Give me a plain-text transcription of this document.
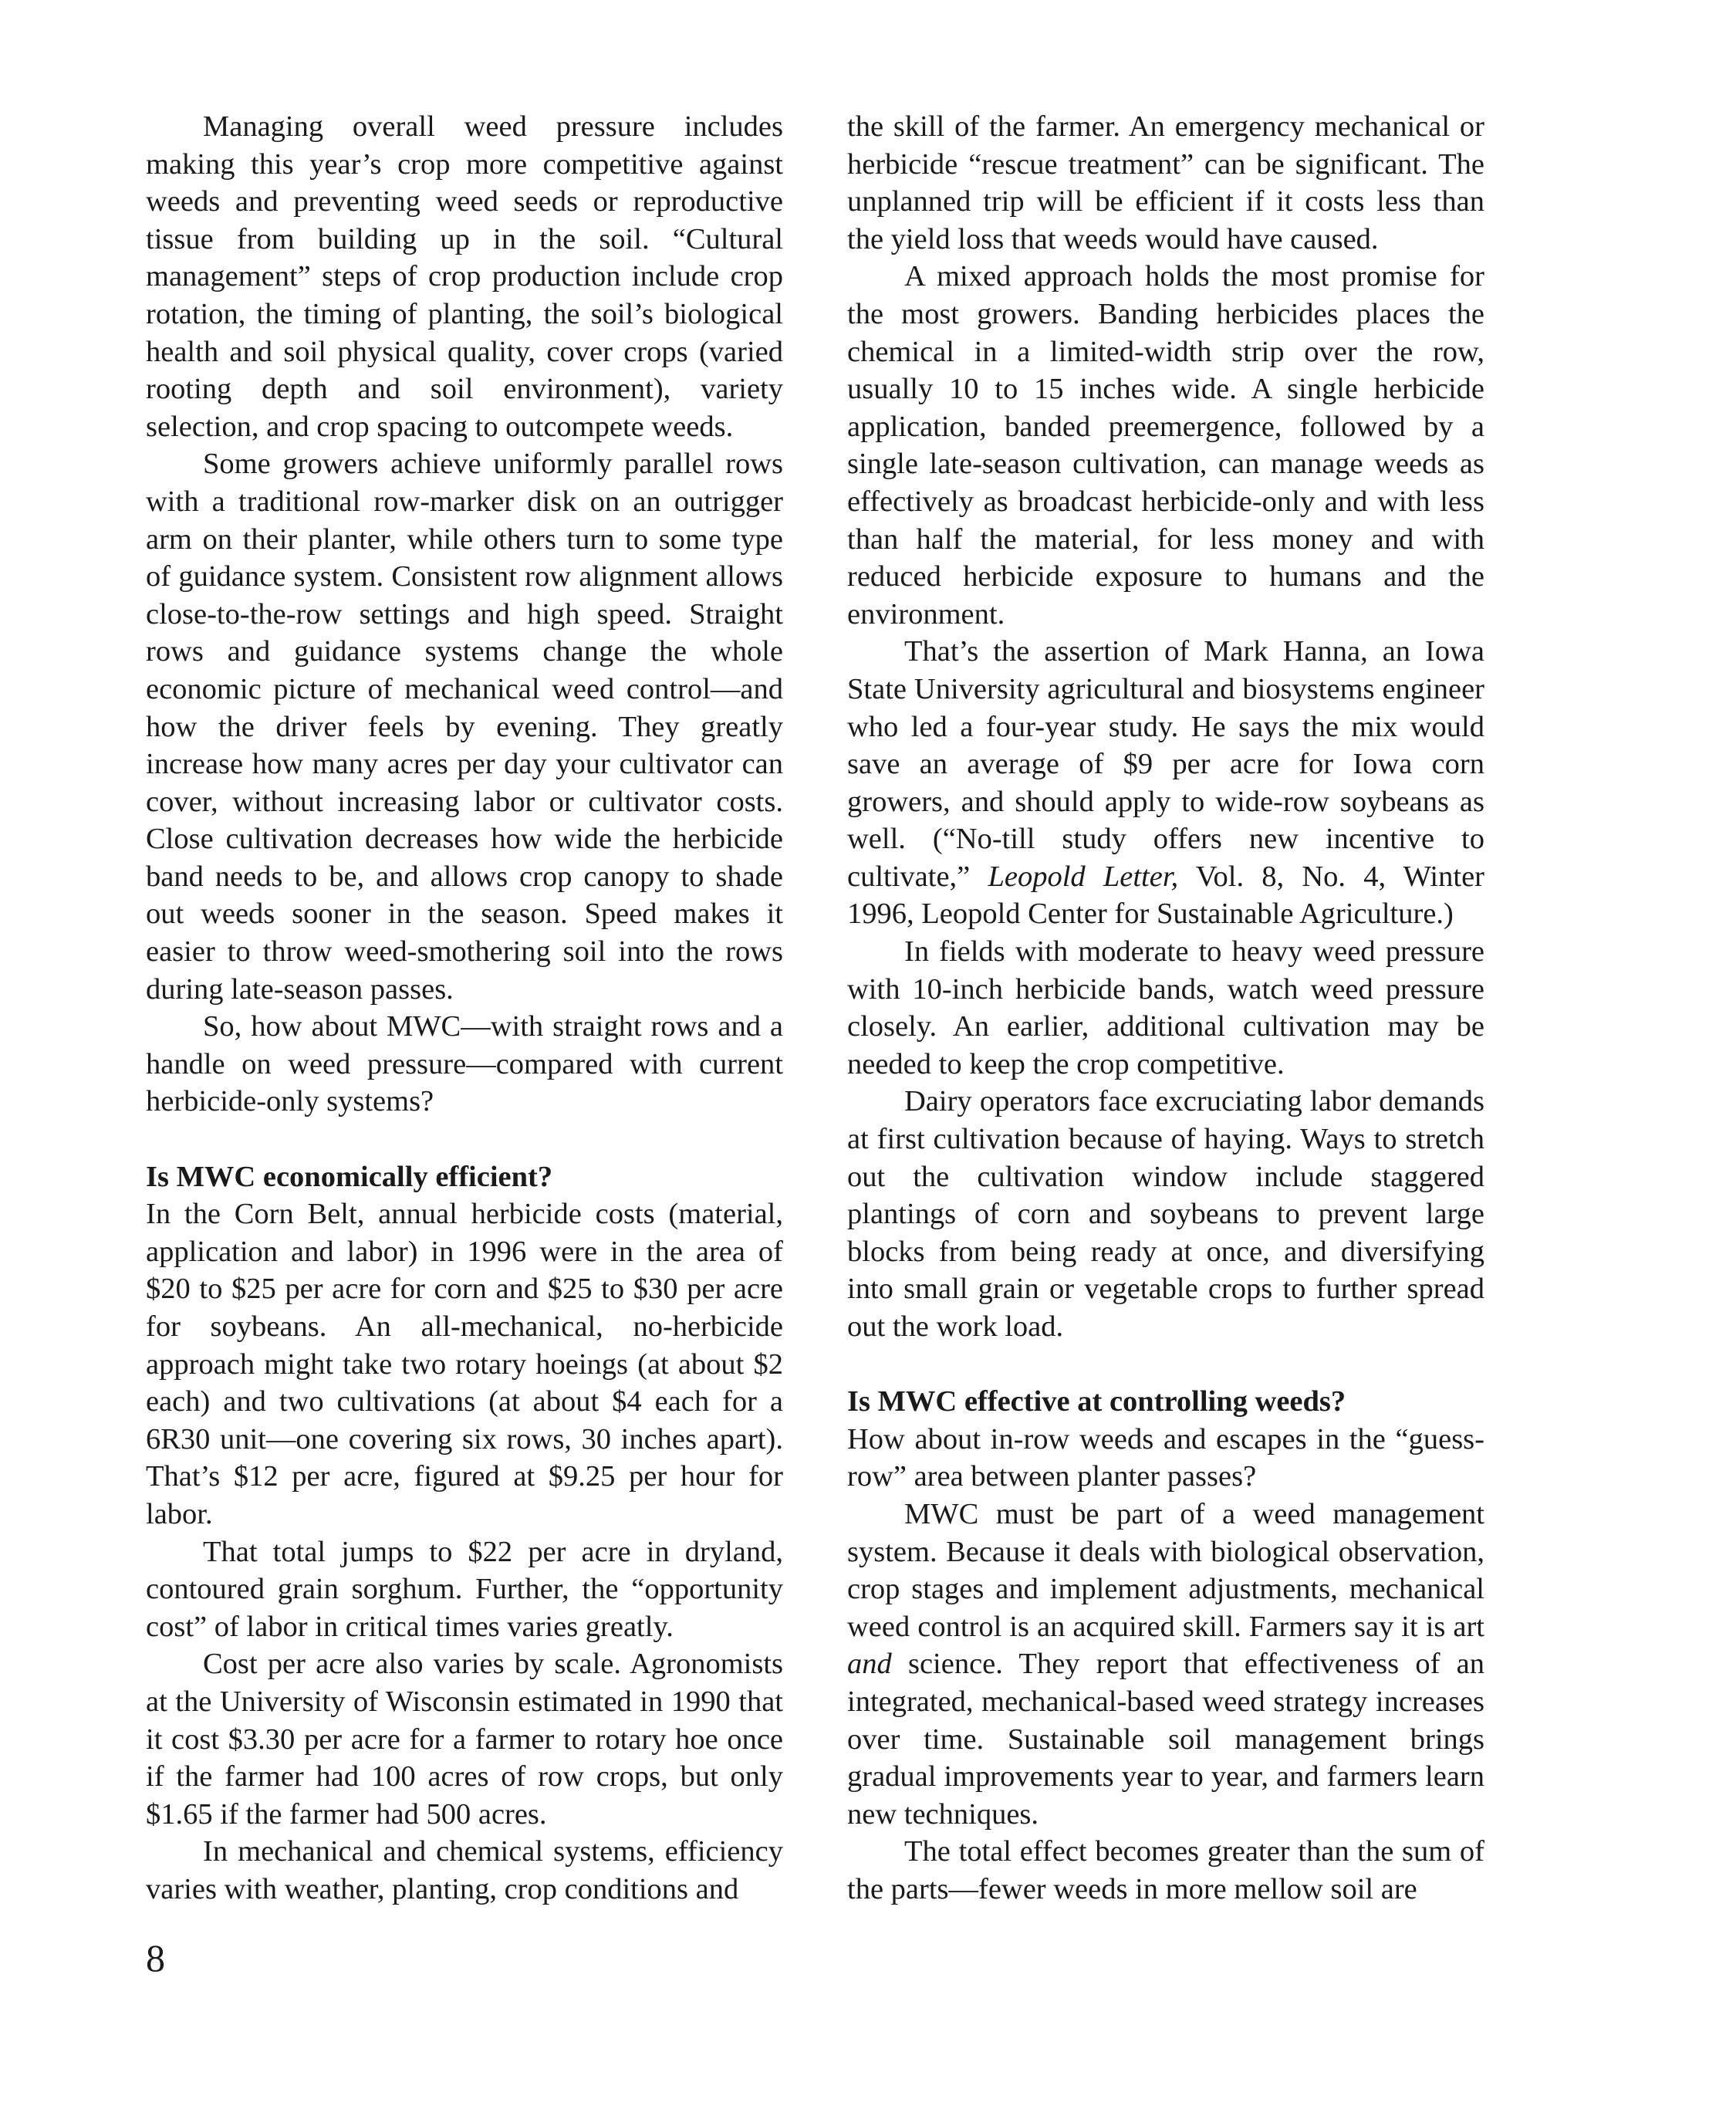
Managing overall weed pressure includes making this year’s crop more competitive against weeds and preventing weed seeds or reproductive tissue from building up in the soil. “Cultural management” steps of crop production include crop rotation, the timing of planting, the soil’s biological health and soil physical quality, cover crops (varied rooting depth and soil environment), variety selection, and crop spacing to outcompete weeds.

Some growers achieve uniformly parallel rows with a traditional row-marker disk on an outrigger arm on their planter, while others turn to some type of guidance system. Consistent row alignment allows close-to-the-row settings and high speed. Straight rows and guidance systems change the whole economic picture of mechanical weed control—and how the driver feels by evening. They greatly increase how many acres per day your cultivator can cover, without increasing labor or cultivator costs. Close cultivation decreases how wide the herbicide band needs to be, and allows crop canopy to shade out weeds sooner in the season. Speed makes it easier to throw weed-smothering soil into the rows during late-season passes.

So, how about MWC—with straight rows and a handle on weed pressure—compared with current herbicide-only systems?

Is MWC economically efficient?

In the Corn Belt, annual herbicide costs (material, application and labor) in 1996 were in the area of $20 to $25 per acre for corn and $25 to $30 per acre for soybeans. An all-mechanical, no-herbicide approach might take two rotary hoeings (at about $2 each) and two cultivations (at about $4 each for a 6R30 unit—one covering six rows, 30 inches apart). That’s $12 per acre, figured at $9.25 per hour for labor.

That total jumps to $22 per acre in dryland, contoured grain sorghum. Further, the “opportunity cost” of labor in critical times varies greatly.

Cost per acre also varies by scale. Agronomists at the University of Wisconsin estimated in 1990 that it cost $3.30 per acre for a farmer to rotary hoe once if the farmer had 100 acres of row crops, but only $1.65 if the farmer had 500 acres.

In mechanical and chemical systems, efficiency varies with weather, planting, crop conditions and

the skill of the farmer. An emergency mechanical or herbicide “rescue treatment” can be significant. The unplanned trip will be efficient if it costs less than the yield loss that weeds would have caused.

A mixed approach holds the most promise for the most growers. Banding herbicides places the chemical in a limited-width strip over the row, usually 10 to 15 inches wide. A single herbicide application, banded preemergence, followed by a single late-season cultivation, can manage weeds as effectively as broadcast herbicide-only and with less than half the material, for less money and with reduced herbicide exposure to humans and the environment.

That’s the assertion of Mark Hanna, an Iowa State University agricultural and biosystems engineer who led a four-year study. He says the mix would save an average of $9 per acre for Iowa corn growers, and should apply to wide-row soybeans as well. (“No-till study offers new incentive to cultivate,” Leopold Letter, Vol. 8, No. 4, Winter 1996, Leopold Center for Sustainable Agriculture.)

In fields with moderate to heavy weed pressure with 10-inch herbicide bands, watch weed pressure closely. An earlier, additional cultivation may be needed to keep the crop competitive.

Dairy operators face excruciating labor demands at first cultivation because of haying. Ways to stretch out the cultivation window include staggered plantings of corn and soybeans to prevent large blocks from being ready at once, and diversifying into small grain or vegetable crops to further spread out the work load.

Is MWC effective at controlling weeds?

How about in-row weeds and escapes in the “guess-row” area between planter passes?

MWC must be part of a weed management system. Because it deals with biological observation, crop stages and implement adjustments, mechanical weed control is an acquired skill. Farmers say it is art and science. They report that effectiveness of an integrated, mechanical-based weed strategy increases over time. Sustainable soil management brings gradual improvements year to year, and farmers learn new techniques.

The total effect becomes greater than the sum of the parts—fewer weeds in more mellow soil are

8
